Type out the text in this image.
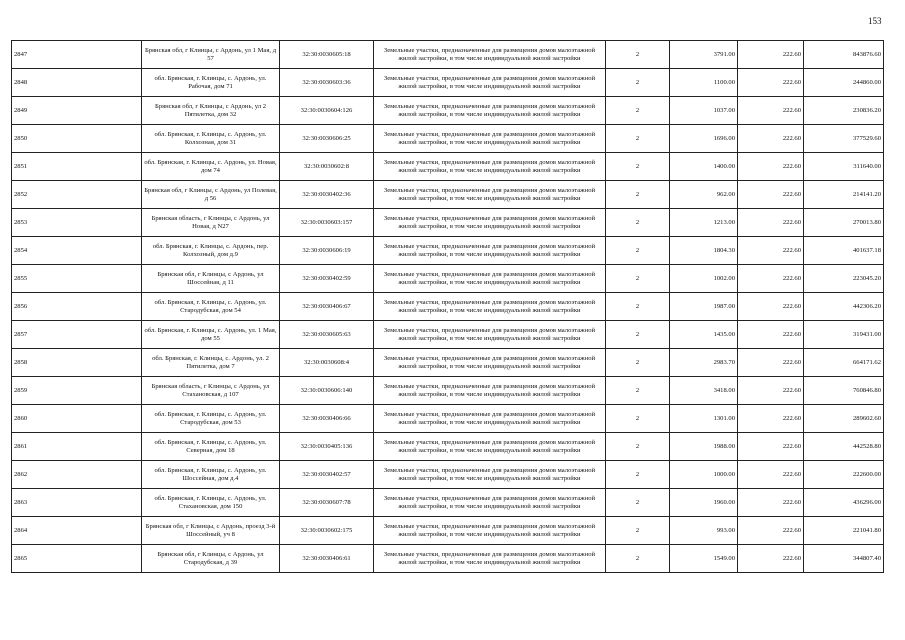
153
2847	Брянская обл, г Клинцы, с Ардонь, ул 1 Мая, д 57	32:30:0030605:18	Земельные участки, предназначенные для размещения домов малоэтажной жилой застройки, в том числе индивидуальной жилой застройки	2	3791.00	222.60	843876.60
2848	обл. Брянская, г. Клинцы, с. Ардонь, ул. Рабочая, дом 71	32:30:0030603:36	Земельные участки, предназначенные для размещения домов малоэтажной жилой застройки, в том числе индивидуальной жилой застройки	2	1100.00	222.60	244860.00
2849	Брянская обл, г Клинцы, с Ардонь, ул 2 Пятилетка, дом 32	32:30:0030604:126	Земельные участки, предназначенные для размещения домов малоэтажной жилой застройки, в том числе индивидуальной жилой застройки	2	1037.00	222.60	230836.20
2850	обл. Брянская, г. Клинцы, с. Ардонь, ул. Колхозная, дом 31	32:30:0030606:25	Земельные участки, предназначенные для размещения домов малоэтажной жилой застройки, в том числе индивидуальной жилой застройки	2	1696.00	222.60	377529.60
2851	обл. Брянская, г. Клинцы, с. Ардонь, ул. Новая, дом 74	32:30:0030602:8	Земельные участки, предназначенные для размещения домов малоэтажной жилой застройки, в том числе индивидуальной жилой застройки	2	1400.00	222.60	311640.00
2852	Брянская обл, г Клинцы, с Ардонь, ул Полевая, д 56	32:30:0030402:36	Земельные участки, предназначенные для размещения домов малоэтажной жилой застройки, в том числе индивидуальной жилой застройки	2	962.00	222.60	214141.20
2853	Брянская область, г Клинцы, с Ардонь, ул Новая, д N27	32:30:0030603:157	Земельные участки, предназначенные для размещения домов малоэтажной жилой застройки, в том числе индивидуальной жилой застройки	2	1213.00	222.60	270013.80
2854	обл. Брянская, г. Клинцы, с. Ардонь, пер. Колхозный, дом д.9	32:30:0030606:19	Земельные участки, предназначенные для размещения домов малоэтажной жилой застройки, в том числе индивидуальной жилой застройки	2	1804.30	222.60	401637.18
2855	Брянская обл, г Клинцы, с Ардонь, ул Шоссейная, д 11	32:30:0030402:59	Земельные участки, предназначенные для размещения домов малоэтажной жилой застройки, в том числе индивидуальной жилой застройки	2	1002.00	222.60	223045.20
2856	обл. Брянская, г. Клинцы, с. Ардонь, ул. Стародубская, дом 54	32:30:0030406:67	Земельные участки, предназначенные для размещения домов малоэтажной жилой застройки, в том числе индивидуальной жилой застройки	2	1987.00	222.60	442306.20
2857	обл. Брянская, г. Клинцы, с. Ардонь, ул. 1 Мая, дом 55	32:30:0030605:63	Земельные участки, предназначенные для размещения домов малоэтажной жилой застройки, в том числе индивидуальной жилой застройки	2	1435.00	222.60	319431.00
2858	обл. Брянская, г. Клинцы, с. Ардонь, ул. 2 Пятилетка, дом 7	32:30:0030608:4	Земельные участки, предназначенные для размещения домов малоэтажной жилой застройки, в том числе индивидуальной жилой застройки	2	2983.70	222.60	664171.62
2859	Брянская область, г Клинцы, с Ардонь, ул Стахановская, д 107	32:30:0030606:140	Земельные участки, предназначенные для размещения домов малоэтажной жилой застройки, в том числе индивидуальной жилой застройки	2	3418.00	222.60	760846.80
2860	обл. Брянская, г. Клинцы, с. Ардонь, ул. Стародубская, дом 53	32:30:0030406:66	Земельные участки, предназначенные для размещения домов малоэтажной жилой застройки, в том числе индивидуальной жилой застройки	2	1301.00	222.60	289602.60
2861	обл. Брянская, г. Клинцы, с. Ардонь, ул. Северная, дом 18	32:30:0030405:136	Земельные участки, предназначенные для размещения домов малоэтажной жилой застройки, в том числе индивидуальной жилой застройки	2	1988.00	222.60	442528.80
2862	обл. Брянская, г. Клинцы, с. Ардонь, ул. Шоссейная, дом д.4	32:30:0030402:57	Земельные участки, предназначенные для размещения домов малоэтажной жилой застройки, в том числе индивидуальной жилой застройки	2	1000.00	222.60	222600.00
2863	обл. Брянская, г. Клинцы, с. Ардонь, ул. Стахановская, дом 150	32:30:0030607:78	Земельные участки, предназначенные для размещения домов малоэтажной жилой застройки, в том числе индивидуальной жилой застройки	2	1960.00	222.60	436296.00
2864	Брянская обл, г Клинцы, с Ардонь, проезд 3-й Шоссейный, уч 8	32:30:0030602:175	Земельные участки, предназначенные для размещения домов малоэтажной жилой застройки, в том числе индивидуальной жилой застройки	2	993.00	222.60	221041.80
2865	Брянская обл, г Клинцы, с Ардонь, ул Стародубская, д 39	32:30:0030406:61	Земельные участки, предназначенные для размещения домов малоэтажной жилой застройки, в том числе индивидуальной жилой застройки	2	1549.00	222.60	344807.40
